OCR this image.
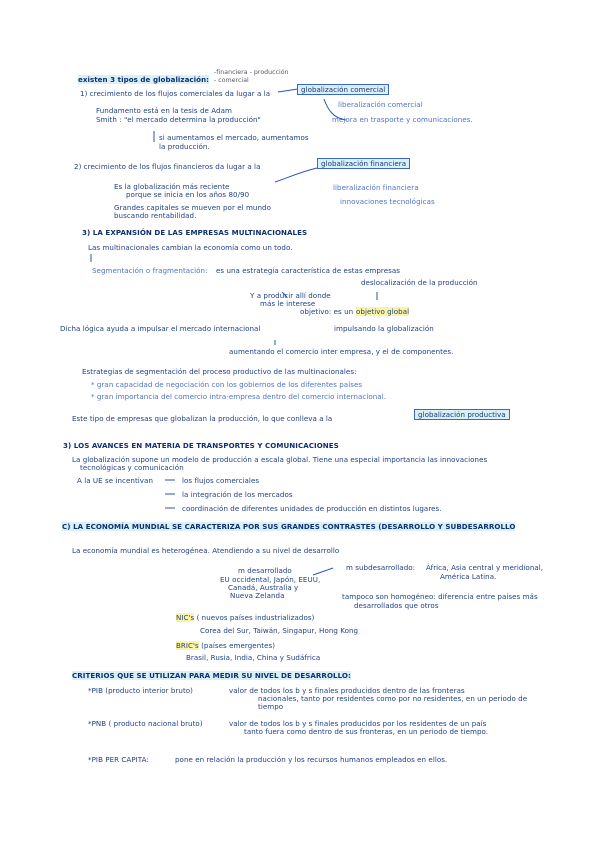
existen 3 tipos de globalización:
-financiera - producción
- comercial
1) crecimiento de los flujos comerciales da lugar a la	globalización comercial
liberalización comercial
mejora en trasporte y comunicaciones.
Fundamento está en la tesis de Adam
Smith : "el mercado determina la producción"
si aumentamos el mercado, aumentamos
la producción.
2) crecimiento de los flujos financieros da lugar a la	globalización financiera
liberalización financiera
innovaciones tecnológicas
Es la globalización más reciente
porque se inicia en los años 80/90
Grandes capitales se mueven por el mundo
buscando rentabilidad.
3) LA EXPANSIÓN DE LAS EMPRESAS MULTINACIONALES
Las multinacionales cambian la economía como un todo.
Segmentación o fragmentación: es una estrategia característica de estas empresas
deslocalización de la producción
Y a producir allí donde
más le interese
objetivo: es un objetivo global
Dicha lógica ayuda a impulsar el mercado internacional	impulsando la globalización
aumentando el comercio inter empresa, y el de componentes.
Estrategias de segmentación del proceso productivo de las multinacionales:
* gran capacidad de negociación con los gobiernos de los diferentes países
* gran importancia del comercio intra-empresa dentro del comercio internacional.
Este tipo de empresas que globalizan la producción, lo que conlleva a la	globalización productiva
3) LOS AVANCES EN MATERIA DE TRANSPORTES Y COMUNICACIONES
La globalización supone un modelo de producción a escala global. Tiene una especial importancia las innovaciones
tecnológicas y comunicación
A la UE se incentivan	los flujos comerciales
la integración de los mercados
coordinación de diferentes unidades de producción en distintos lugares.
C) LA ECONOMÍA MUNDIAL SE CARACTERIZA POR SUS GRANDES CONTRASTES (DESARROLLO Y SUBDESARROLLO
La economía mundial es heterogénea. Atendiendo a su nivel de desarrollo
m desarrollado
EU occidental, Japón, EEUU,
Canadá, Australia y
Nueva Zelanda
m subdesarrollado: África, Asia central y meridional,
América Latina.
tampoco son homogéneo: diferencia entre países más
desarrollados que otros
NIC's ( nuevos países industrializados)
Corea del Sur, Taiwán, Singapur, Hong Kong
BRIC's (países emergentes)
Brasil, Rusia, India, China y Sudáfrica
CRITERIOS QUE SE UTILIZAN PARA MEDIR SU NIVEL DE DESARROLLO:
*PIB (producto interior bruto)	valor de todos los b y s finales producidos dentro de las fronteras
nacionales, tanto por residentes como por no residentes, en un periodo de
tiempo
*PNB ( producto nacional bruto)	valor de todos los b y s finales producidos por los residentes de un país
tanto fuera como dentro de sus fronteras, en un periodo de tiempo.
*PIB PER CAPITA:	pone en relación la producción y los recursos humanos empleados en ellos.
